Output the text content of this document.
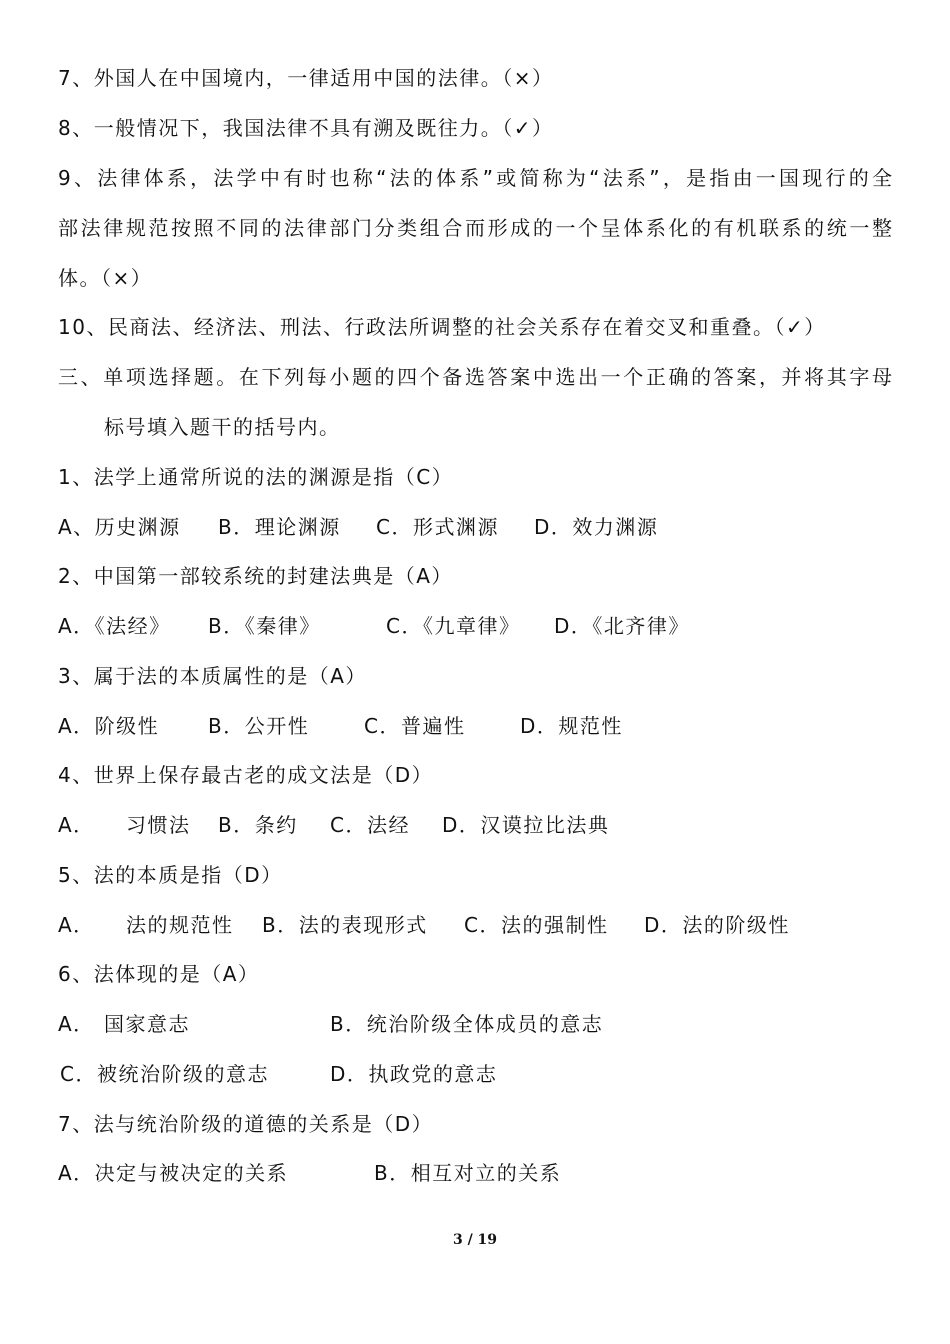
7、外国人在中国境内，一律适用中国的法律。（×）
8、一般情况下，我国法律不具有溯及既往力。（✓）
9、法律体系，法学中有时也称“法的体系”或简称为“法系”，是指由一国现行的全
部法律规范按照不同的法律部门分类组合而形成的一个呈体系化的有机联系的统一整
体。（×）
10、民商法、经济法、刑法、行政法所调整的社会关系存在着交叉和重叠。（✓）
三、单项选择题。在下列每小题的四个备选答案中选出一个正确的答案，并将其字母
标号填入题干的括号内。
1、法学上通常所说的法的渊源是指（C）
A、历史渊源 B．理论渊源 C．形式渊源 D．效力渊源
2、中国第一部较系统的封建法典是（A）
A．《法经》 B．《秦律》	C．《九章律》 D．《北齐律》
3、属于法的本质属性的是（A）
A．阶级性 B．公开性	C．普遍性	D．规范性
4、世界上保存最古老的成文法是（D）
A． 习惯法 B．条约 C．法经 D．汉谟拉比法典
5、法的本质是指（D）
A． 法的规范性 B．法的表现形式 C．法的强制性 D．法的阶级性
6、法体现的是（A）
A． 国家意志	B．统治阶级全体成员的意志
C．被统治阶级的意志	D．执政党的意志
7、法与统治阶级的道德的关系是（D）
A．决定与被决定的关系	B．相互对立的关系
3 / 19
